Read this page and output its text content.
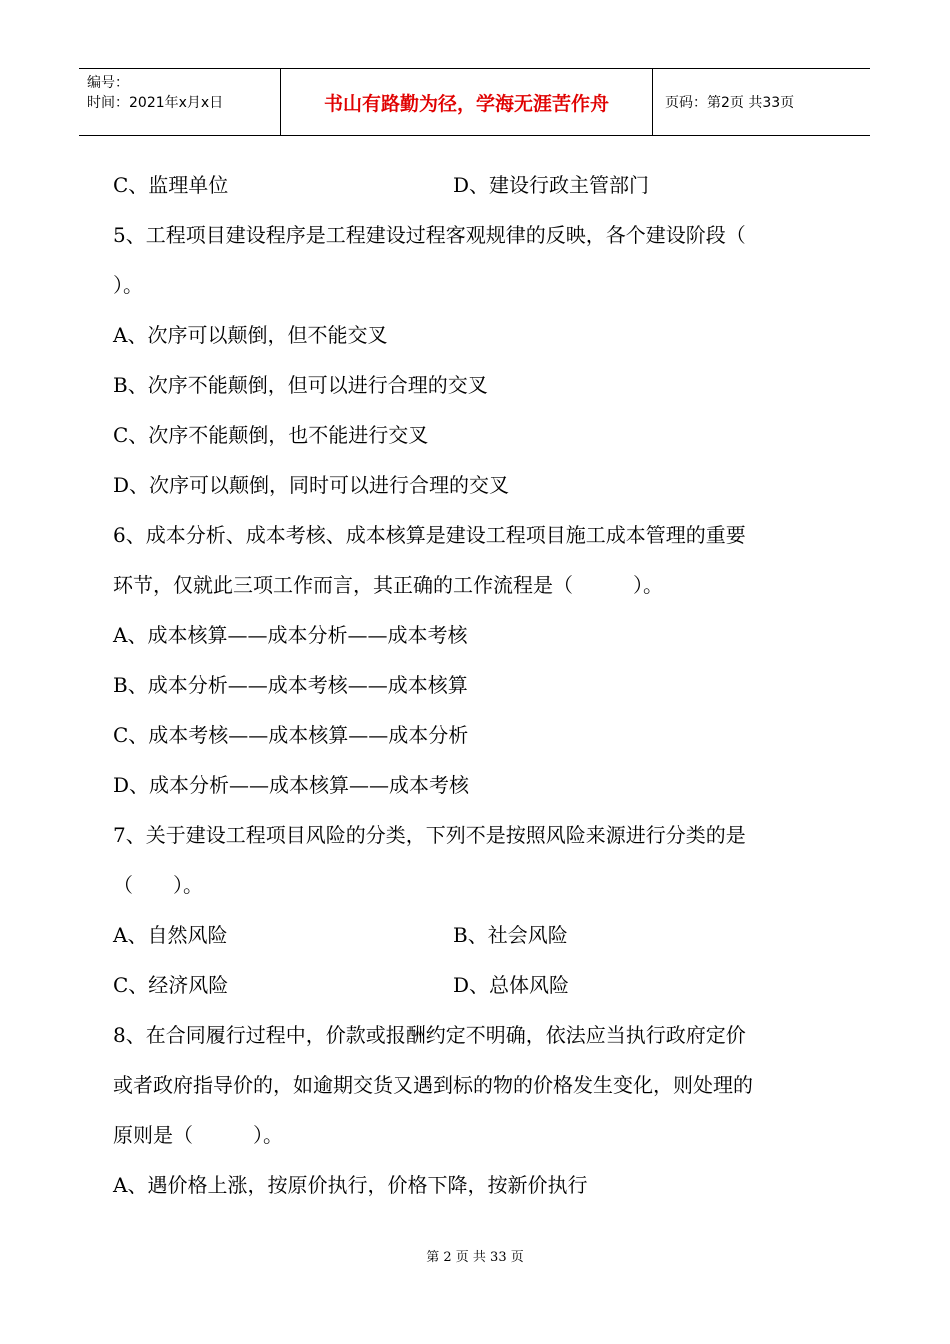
编号：
时间：2021年x月x日	书山有路勤为径，学海无涯苦作舟	页码：第2页 共33页
C、监理单位	D、建设行政主管部门
5、工程项目建设程序是工程建设过程客观规律的反映，各个建设阶段（
）。
A、次序可以颠倒，但不能交叉
B、次序不能颠倒，但可以进行合理的交叉
C、次序不能颠倒，也不能进行交叉
D、次序可以颠倒，同时可以进行合理的交叉
6、成本分析、成本考核、成本核算是建设工程项目施工成本管理的重要
环节，仅就此三项工作而言，其正确的工作流程是（　　　）。
A、成本核算——成本分析——成本考核
B、成本分析——成本考核——成本核算
C、成本考核——成本核算——成本分析
D、成本分析——成本核算——成本考核
7、关于建设工程项目风险的分类，下列不是按照风险来源进行分类的是
（　　）。
A、自然风险	B、社会风险
C、经济风险	D、总体风险
8、在合同履行过程中，价款或报酬约定不明确，依法应当执行政府定价
或者政府指导价的，如逾期交货又遇到标的物的价格发生变化，则处理的
原则是（　　　）。
A、遇价格上涨，按原价执行，价格下降，按新价执行
第 2 页 共 33 页
